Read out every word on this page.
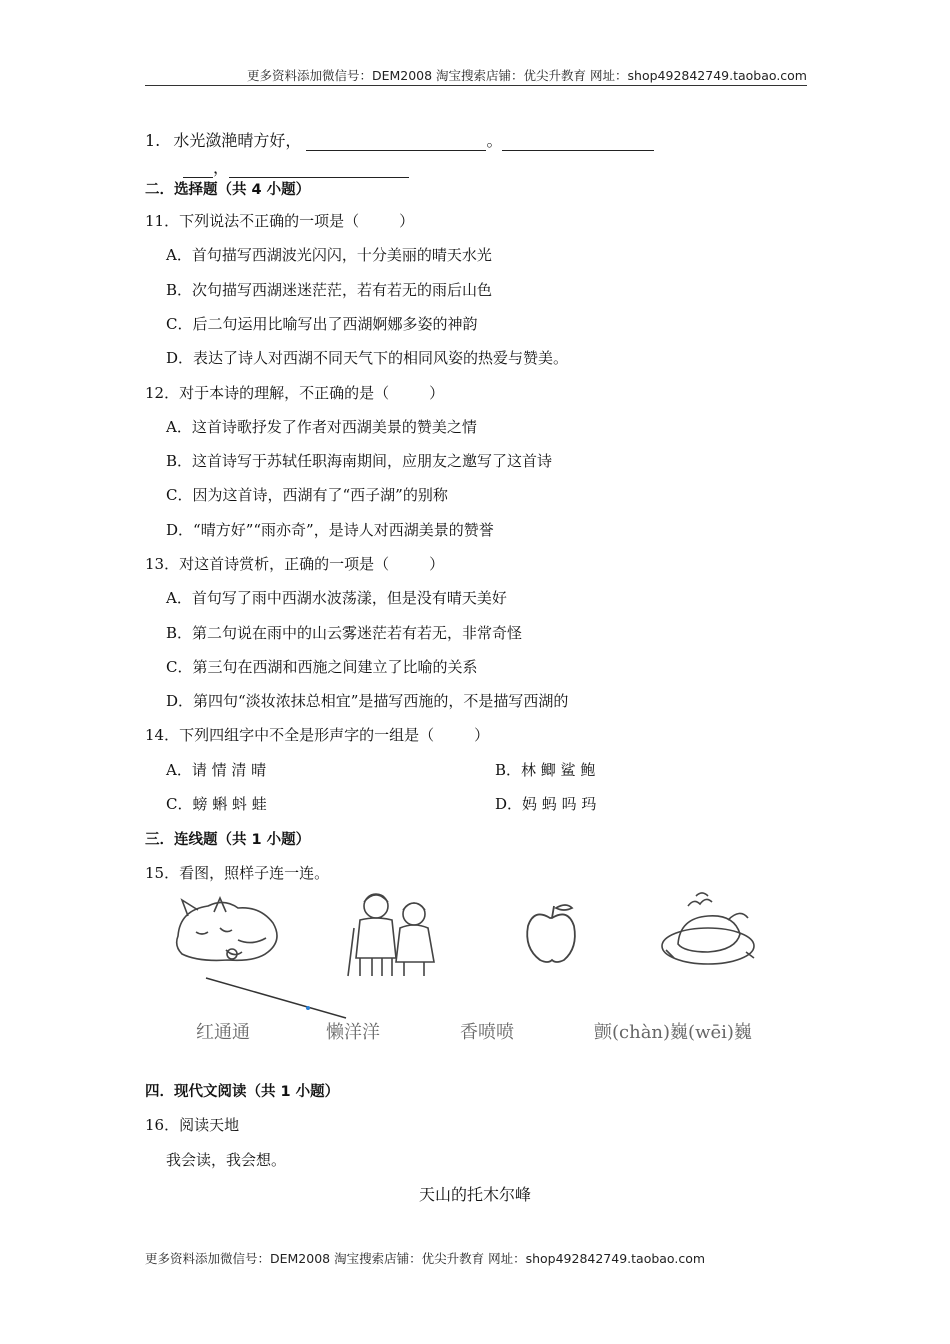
更多资料添加微信号：DEM2008 淘宝搜索店铺：优尖升教育 网址：shop492842749.taobao.com
1. 水光潋滟晴方好，	。
，
二．选择题（共 4 小题）
11．下列说法不正确的一项是（	）
A．首句描写西湖波光闪闪，十分美丽的晴天水光
B．次句描写西湖迷迷茫茫，若有若无的雨后山色
C．后二句运用比喻写出了西湖婀娜多姿的神韵
D．表达了诗人对西湖不同天气下的相同风姿的热爱与赞美。
12．对于本诗的理解，不正确的是（	）
A．这首诗歌抒发了作者对西湖美景的赞美之情
B．这首诗写于苏轼任职海南期间，应朋友之邀写了这首诗
C．因为这首诗，西湖有了“西子湖”的别称
D．“晴方好”“雨亦奇”，是诗人对西湖美景的赞誉
13．对这首诗赏析，正确的一项是（	）
A．首句写了雨中西湖水波荡漾，但是没有晴天美好
B．第二句说在雨中的山云雾迷茫若有若无，非常奇怪
C．第三句在西湖和西施之间建立了比喻的关系
D．第四句“淡妆浓抹总相宜”是描写西施的，不是描写西湖的
14．下列四组字中不全是形声字的一组是（	）
A．请 情 清 晴	B．林 鲫 鲨 鲍
C．螃 蝌 蚪 蛙	D．妈 蚂 吗 玛
三．连线题（共 1 小题）
15．看图，照样子连一连。
红通通	懒洋洋	香喷喷	颤(chàn)巍(wēi)巍
四．现代文阅读（共 1 小题）
16．阅读天地
我会读，我会想。
天山的托木尔峰
更多资料添加微信号：DEM2008 淘宝搜索店铺：优尖升教育 网址：shop492842749.taobao.com
